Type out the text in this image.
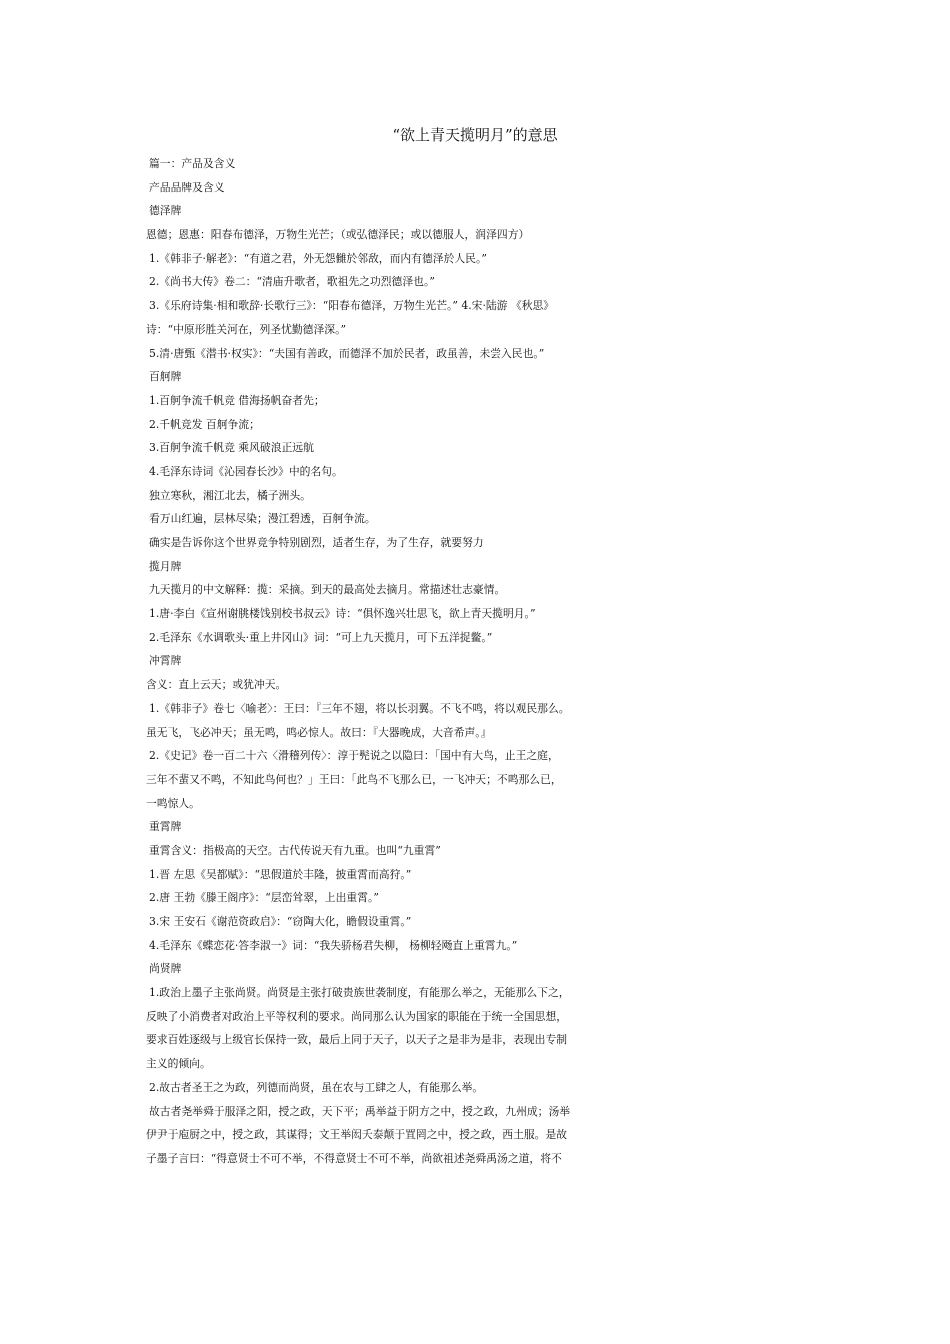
“欲上青天揽明月”的意思
篇一：产品及含义
产品品牌及含义
德泽牌
恩德；恩惠：阳春布德泽，万物生光芒；（或弘德泽民；或以德服人，润泽四方）
1.《韩非子·解老》：“有道之君，外无怨雠於邻敌，而内有德泽於人民。”
2.《尚书大传》卷二：“清庙升歌者，歌祖先之功烈德泽也。”
3.《乐府诗集·相和歌辞·长歌行三》：“阳春布德泽，万物生光芒。” 4.宋·陆游 《秋思》
诗：“中原形胜关河在，列圣忧勤德泽深。”
5.清·唐甄《潜书·权实》：“夫国有善政，而德泽不加於民者，政虽善，未尝入民也。”
百舸牌
1.百舸争流千帆竞 借海扬帆奋者先；
2.千帆竞发 百舸争流；
3.百舸争流千帆竞 乘风破浪正远航
4.毛泽东诗词《沁园春长沙》中的名句。
独立寒秋，湘江北去，橘子洲头。
看万山红遍，层林尽染；漫江碧透，百舸争流。
确实是告诉你这个世界竞争特别剧烈，适者生存，为了生存，就要努力
揽月牌
九天揽月的中文解释：揽：采摘。到天的最高处去摘月。常描述壮志豪情。
1.唐·李白《宣州谢朓楼饯别校书叔云》诗：“俱怀逸兴壮思飞，欲上青天揽明月。”
2.毛泽东《水调歌头·重上井冈山》词：“可上九天揽月，可下五洋捉鳖。”
冲霄牌
含义：直上云天；或犹冲天。
1.《韩非子》卷七〈喻老〉：王曰：『三年不翅，将以长羽翼。不飞不鸣，将以观民那么。
虽无飞，飞必冲天；虽无鸣，鸣必惊人。故曰：『大器晚成，大音希声。』
2.《史记》卷一百二十六〈滑稽列传〉：淳于髡说之以隐曰：「国中有大鸟，止王之庭，
三年不蜚又不鸣，不知此鸟何也？」王曰：「此鸟不飞那么已，一飞冲天；不鸣那么已，
一鸣惊人。
重霄牌
重霄含义：指极高的天空。古代传说天有九重。也叫“九重霄”
1.晋 左思《吴都赋》：“思假道於丰隆，披重霄而高狩。”
2.唐 王勃《滕王阁序》：“层峦耸翠，上出重霄。”
3.宋 王安石《谢范资政启》：“窃陶大化，瞻假设重霄。”
4.毛泽东《蝶恋花·答李淑一》词：“我失骄杨君失柳， 杨柳轻飏直上重霄九。”
尚贤牌
1.政治上墨子主张尚贤。尚贤是主张打破贵族世袭制度，有能那么举之，无能那么下之，
反映了小消费者对政治上平等权利的要求。尚同那么认为国家的职能在于统一全国思想，
要求百姓逐级与上级官长保持一致，最后上同于天子，以天子之是非为是非，表现出专制
主义的倾向。
2.故古者圣王之为政，列德而尚贤，虽在农与工肆之人，有能那么举。
故古者尧举舜于服泽之阳，授之政，天下平；禹举益于阴方之中，授之政，九州成；汤举
伊尹于庖厨之中，授之政，其谋得；文王举闳夭泰颠于罝罔之中，授之政，西土服。是故
子墨子言曰：“得意贤士不可不举，不得意贤士不可不举，尚欲祖述尧舜禹汤之道，将不
